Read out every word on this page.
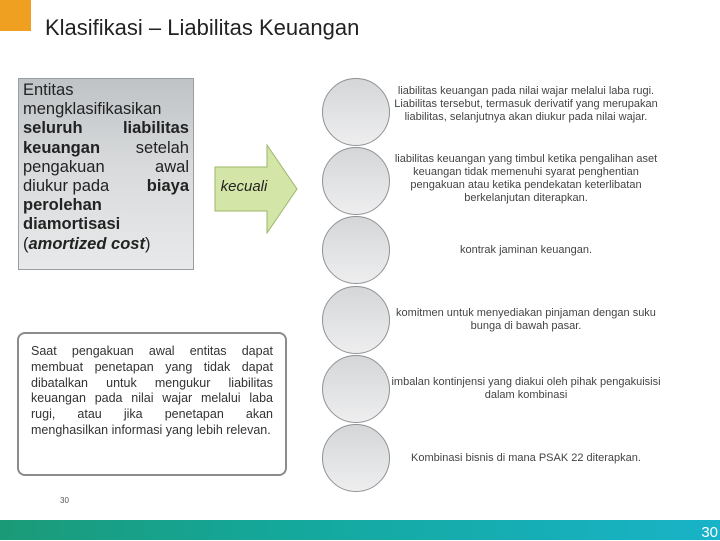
Klasifikasi – Liabilitas Keuangan
Entitas
mengklasifikasikan
seluruh liabilitas
keuangan setelah
pengakuan awal
diukur pada biaya
perolehan
diamortisasi
(amortized cost)
kecuali
liabilitas keuangan pada nilai wajar melalui laba rugi. Liabilitas tersebut, termasuk derivatif yang merupakan liabilitas, selanjutnya akan diukur pada nilai wajar.
liabilitas keuangan yang timbul ketika pengalihan aset keuangan tidak memenuhi syarat penghentian pengakuan atau ketika pendekatan keterlibatan berkelanjutan diterapkan.
kontrak jaminan keuangan.
komitmen untuk menyediakan pinjaman dengan suku bunga di bawah pasar.
imbalan kontinjensi yang diakui oleh pihak pengakuisisi dalam kombinasi
Kombinasi bisnis di mana PSAK 22 diterapkan.
Saat pengakuan awal entitas dapat membuat penetapan yang tidak dapat dibatalkan untuk mengukur liabilitas keuangan pada nilai wajar melalui laba rugi, atau jika penetapan akan menghasilkan informasi yang lebih relevan.
30
30
